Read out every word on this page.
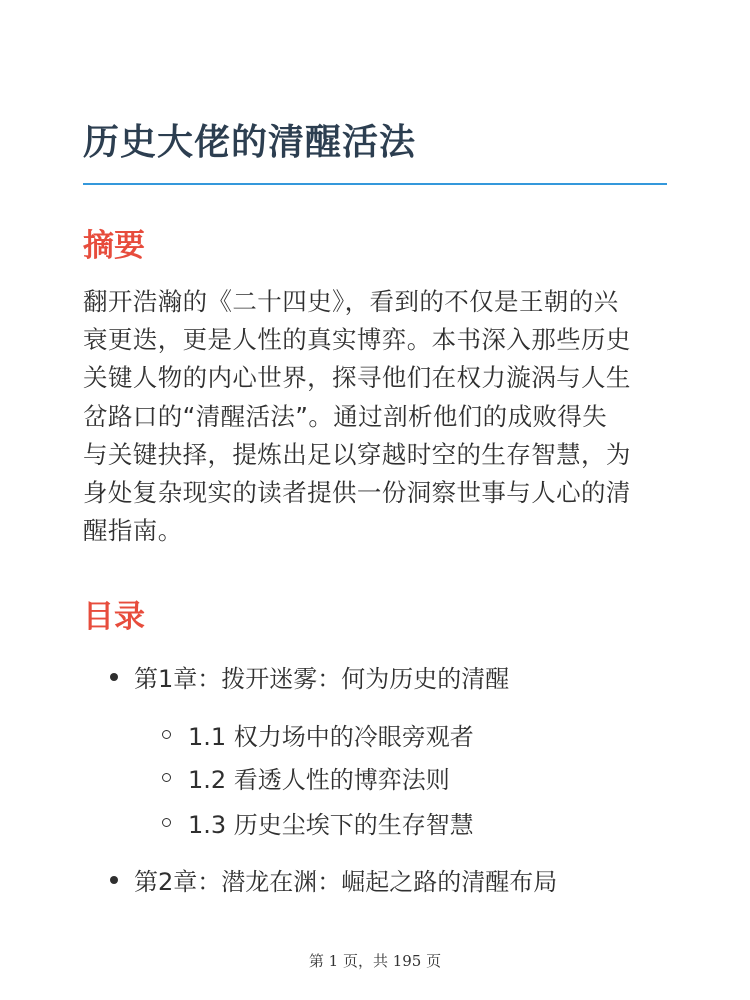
历史大佬的清醒活法
摘要

翻开浩瀚的《二十四史》，看到的不仅是王朝的兴
衰更迭，更是人性的真实博弈。本书深入那些历史
关键人物的内心世界，探寻他们在权力漩涡与人生
岔路口的“清醒活法”。通过剖析他们的成败得失
与关键抉择，提炼出足以穿越时空的生存智慧，为
身处复杂现实的读者提供一份洞察世事与人心的清
醒指南。

目录
第1章：拨开迷雾：何为历史的清醒
1.1 权力场中的冷眼旁观者
1.2 看透人性的博弈法则
1.3 历史尘埃下的生存智慧
第2章：潜龙在渊：崛起之路的清醒布局
第 1 页，共 195 页
